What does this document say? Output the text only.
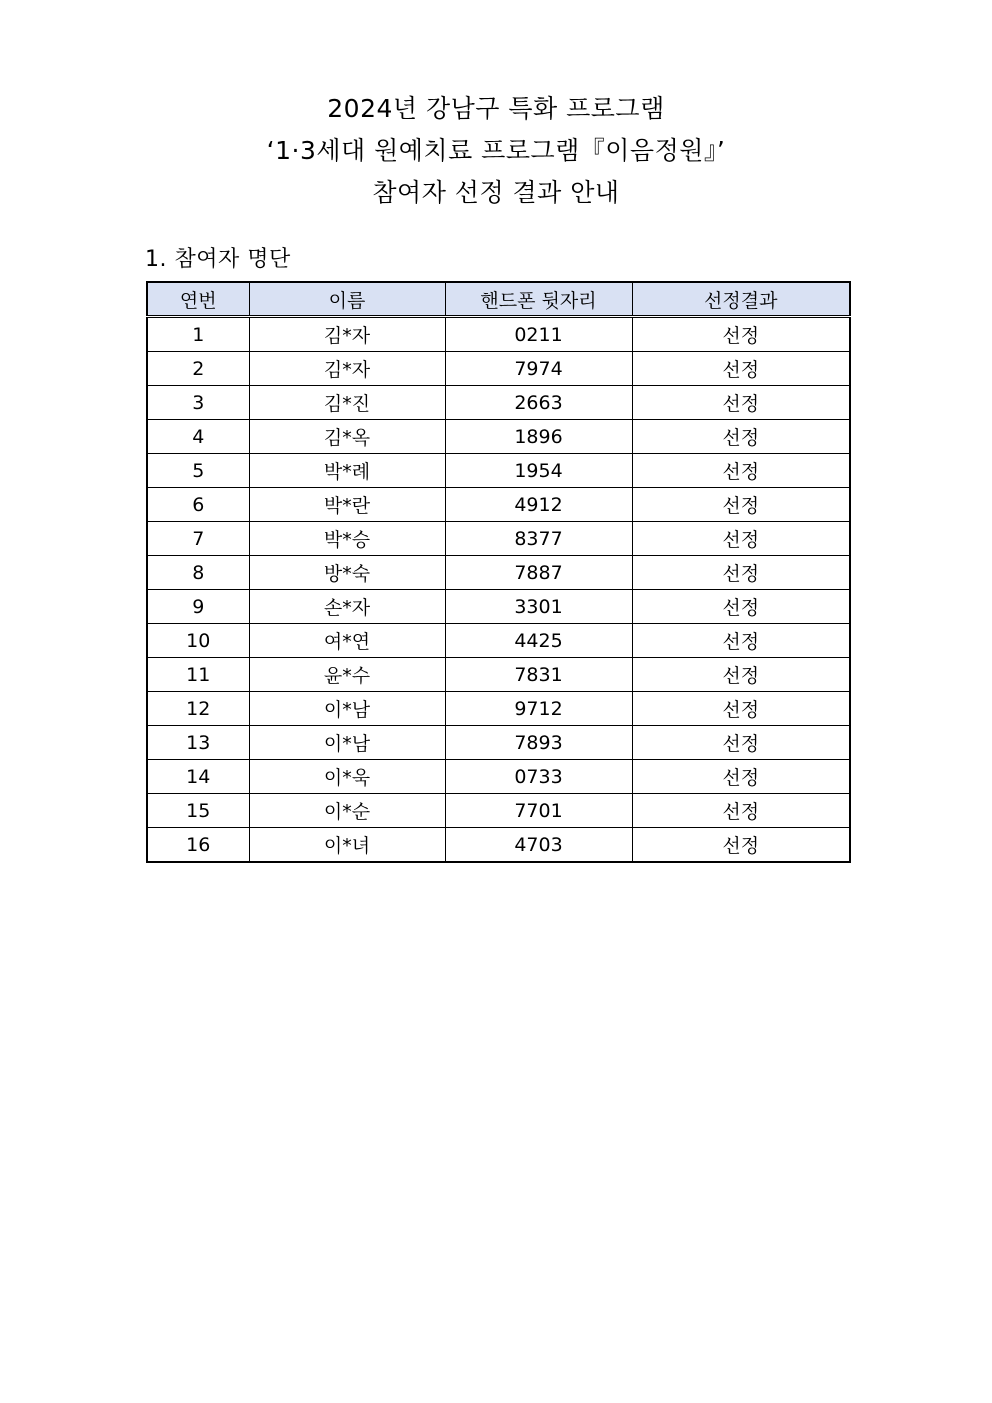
2024년 강남구 특화 프로그램
‘1·3세대 원예치료 프로그램『이음정원』’
참여자 선정 결과 안내
1. 참여자 명단
연번	이름	핸드폰 뒷자리	선정결과
1	김*자	0211	선정
2	김*자	7974	선정
3	김*진	2663	선정
4	김*옥	1896	선정
5	박*례	1954	선정
6	박*란	4912	선정
7	박*승	8377	선정
8	방*숙	7887	선정
9	손*자	3301	선정
10	여*연	4425	선정
11	윤*수	7831	선정
12	이*남	9712	선정
13	이*남	7893	선정
14	이*욱	0733	선정
15	이*순	7701	선정
16	이*녀	4703	선정
